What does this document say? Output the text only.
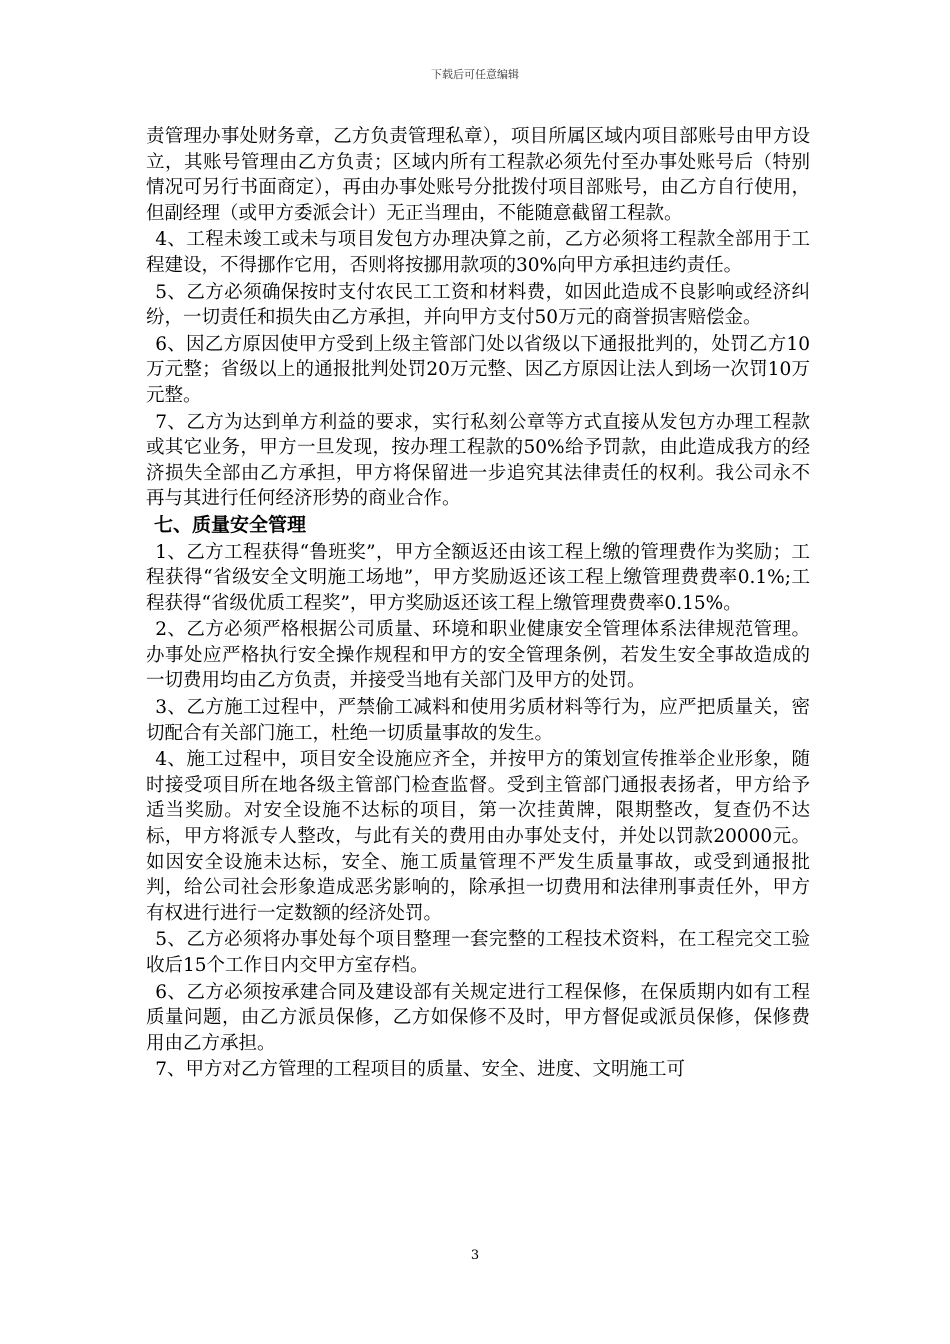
下载后可任意编辑

责管理办事处财务章，乙方负责管理私章），项目所属区域内项目部账号由甲方设立，其账号管理由乙方负责；区域内所有工程款必须先付至办事处账号后（特别情况可另行书面商定），再由办事处账号分批拨付项目部账号，由乙方自行使用，但副经理（或甲方委派会计）无正当理由，不能随意截留工程款。

4、工程未竣工或未与项目发包方办理决算之前，乙方必须将工程款全部用于工程建设，不得挪作它用，否则将按挪用款项的30%向甲方承担违约责任。

5、乙方必须确保按时支付农民工工资和材料费，如因此造成不良影响或经济纠纷，一切责任和损失由乙方承担，并向甲方支付50万元的商誉损害赔偿金。

6、因乙方原因使甲方受到上级主管部门处以省级以下通报批判的，处罚乙方10万元整；省级以上的通报批判处罚20万元整、因乙方原因让法人到场一次罚10万元整。

7、乙方为达到单方利益的要求，实行私刻公章等方式直接从发包方办理工程款或其它业务，甲方一旦发现，按办理工程款的50%给予罚款，由此造成我方的经济损失全部由乙方承担，甲方将保留进一步追究其法律责任的权利。我公司永不再与其进行任何经济形势的商业合作。

七、质量安全管理

1、乙方工程获得“鲁班奖”，甲方全额返还由该工程上缴的管理费作为奖励；工程获得“省级安全文明施工场地”，甲方奖励返还该工程上缴管理费费率0.1%;工程获得“省级优质工程奖”，甲方奖励返还该工程上缴管理费费率0.15%。

2、乙方必须严格根据公司质量、环境和职业健康安全管理体系法律规范管理。办事处应严格执行安全操作规程和甲方的安全管理条例，若发生安全事故造成的一切费用均由乙方负责，并接受当地有关部门及甲方的处罚。

3、乙方施工过程中，严禁偷工减料和使用劣质材料等行为，应严把质量关，密切配合有关部门施工，杜绝一切质量事故的发生。

4、施工过程中，项目安全设施应齐全，并按甲方的策划宣传推举企业形象，随时接受项目所在地各级主管部门检查监督。受到主管部门通报表扬者，甲方给予适当奖励。对安全设施不达标的项目，第一次挂黄牌，限期整改，复查仍不达标，甲方将派专人整改，与此有关的费用由办事处支付，并处以罚款20000元。如因安全设施未达标，安全、施工质量管理不严发生质量事故，或受到通报批判，给公司社会形象造成恶劣影响的，除承担一切费用和法律刑事责任外，甲方有权进行进行一定数额的经济处罚。

5、乙方必须将办事处每个项目整理一套完整的工程技术资料，在工程完交工验收后15个工作日内交甲方室存档。

6、乙方必须按承建合同及建设部有关规定进行工程保修，在保质期内如有工程质量问题，由乙方派员保修，乙方如保修不及时，甲方督促或派员保修，保修费用由乙方承担。

7、甲方对乙方管理的工程项目的质量、安全、进度、文明施工可

3
